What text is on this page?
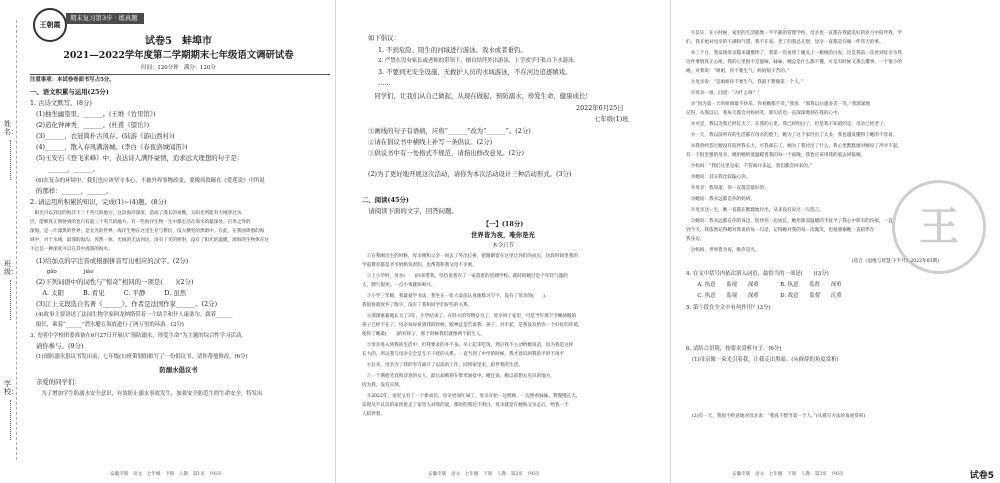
姓名：
班级：
学校：
王朝霞
期末复习第3步 · 练真题
试卷5　蚌埠市
2021—2022学年度第二学期期末七年级语文调研试卷
时间：120分钟　满分：120分
注意事项：本试卷卷面书写占5分。
一、语文积累与运用(25分)
1. 古诗文默写。(8分)
(1)独坐幽篁里，______。(王维《竹里馆》)
(2)造化钟神秀，______。(杜甫《望岳》)
(3)______，衣冠简朴古风存。(陆游《游山西村》)
(4)______，散入春风满洛城。(李白《春夜洛城闻笛》)
(5)王安石《登飞来峰》中，表达诗人满怀豪情，追求远大理想的句子是：
______，______。
(6)在复杂的环境中，我们也应该坚守本心，不被外界事物改变，要像周敦颐在《爱莲说》中所说
的那样：______，______。
2. 请运用所积累的知识，完成(1)~(4)题。(8分)
　阳光可以到达的海洋下三十英尺的地方，这段海洋深度，造成了漫长的夜晚。太阳光所能有力地穿过水
层，能够真正照射到的也只有前三十英尺的地方。有一些海洋生物一生中都生活在海水的最深处。百米之外的
深海，是一片漆黑的世界，是无光的世界，海洋生物在这里生存与繁衍，没入横竖的黑暗中。在此，在我国周围的海
域中，对于水域，最深的海沟，浑然一体，光线的无法到达，没有了光的照射，没有了阳光的温暖，深海的生物体在这
不过是一种深度可以在其中漫游的海水。
(1)给加点的字注音或根据拼音写出相应的汉字。(2分)
　　gǎo　　　　　jiǎo
(2)下列词语中的词性与“惊奇”相同的一项是(　　)(2分)
　A. 太阳　　　B. 看见　　　C. 平静　　　D. 虽然
(3)江上支段选自名著《______》，作者是法国作家______。(2分)
(4)故事主要讲述了法国生物学家阿龙纳斯带着一个助手和仆人康塞尔，跟着______
船长，乘着“______”潜水艇在海底进行了两万里的环游。(2分)
3. 光明中学校团委准备在6月27日开展以“预防溺水，珍爱生命”为主题的综合性学习活动，
请你参与。(9分)
(1)预防溺水倡议书发出前，七年级(1)班策划组拟写了一份倡议书，请你帮他修改。(6分)
防溺水倡议书
亲爱的同学们：
　为了增加学生防溺水安全意识，有效防止溺水事故发生，加强安全防范生的生命安全，特发出
安徽专版　语文　七年级　下册　人教　第1页　共6页
如下倡议：
1. 不到危险、陌生的河域进行游泳、戏水或者垂钓。
2. 严禁在没有家长或老师的带领下，擅自结伴外出游泳，上学放学不私自下水游泳。
3. 不要到无安全设施、无救护人员的水域游泳，不在河边追逐嬉戏。
……
　同学们，让我们从自己做起，从现在做起，预防溺水，珍爱生命，健康成长！
2022年6月25日
七年级(1)班
①画线的句子有语病，应将“______”改为“______”。(2分)
②请在倡议书中横线上补写一条倡议。(2分)
③倡议书中有一处格式不规范，请指出修改意见。(2分)
(2)为了更好地开展这次活动，请你为本次活动设计三种活动形式。(3分)
二、阅读(45分)
　请阅读下面的文字，回答问题。
【一】(18分)
世界皆为夜，唯你是光
木令只节
　①在我刚出生的时候，母亲便和父亲一同去了外出打拼，把眼睛留在这里让你们的成长，这段时间里我的
学前教育都是爷爷奶奶负责的，也帮我和我父母不亲密。
　②上小学时，母亲(　　)回来带我。坚持说我有了一家落着的管理学校。就时的她过是个年轻气盛的
人，脾气很坏，一点小事就叫呵斥。
　③小学三年级，我最爱学书法，我坐在一张大桌前认真地练习写字，没有了母亲的(　　)，
我很快就放弃了练字，没有了我和同学们好些的关系。
　④深深嘉嘉地长大了3年，小学结束了。在卧大的外甥女为了，母亲回了家里，可是当年那个令她骄傲的
孩子已经不在了。母亲每每看到我的时候，眼神总是告诉我：孩子，对不起，是我没有给你一个好好的环境，
使你了她最(　　)的好样子，那个时候我们就像两个陌生人。
　⑤母亲进入到我的生活中，但我要求的并不多。早上起来吃饭，然后我不主动给她说话，因为我是这样
长大的，所以我与母亲完全是互不干扰的关系。一直当到了中学的时候，我才意识到我的平时不再平
　⑥后来，母亲为了我的学习离开了以前的工作，回到家里来，陪伴我的生活。
　⑦一个满脸笑容和诗意的女人，最后却被锁在柴米油盐中。她还说，她以前想去见识的地方，
因为我，没有实现。
　⑧2022年，家里又有了一个新成员，母亲更加忙碌了。母亲开始一边照顾，一边照看妹妹。我慢慢长大，
发现从不认识的家伙抢走了家里人对我的爱。那时的我还不明白，母亲就是在她和父亲走后，给我一个
人陪伴着。
安徽专版　语文　七年级　下册　人教　第2页　共6页
王
　⑨其实，在小时候，家里的生活就像一半平静的管理学校，母亲也一直都在我最美好的岁月中陪伴我，学
们，我开始对母亲的不满和气馁，我不在家，老了的我总在想，母亲一直都是在做一件伟大的事。
　⑩三个月，我发现母亲越来越憔悴了，我第一次看到了她头上一根根的白发，这是我第一次看到母亲为我
这件事情真正心疼，我的心里很不是滋味。妹妹，她总是什么都不懂，可是有时候又那么懂事，一个很小的
她，对我说：“姐姐，你不要生气，妈妈很辛苦的。”
　⑪母亲说：“是姐姐你不要生气，我最不想做第一个人。”
　⑫母亲一扭，问道：“为什么呀？”
　⑬“因为第一天的姐姐最不快乐，你看她都不笑。”我说：“那我以后就多笑一笑。”我深深地
记得，从那以后，我每天都会对妈妈笑，那句话也一直深深地刻在我的心中。
　⑭可是，我以为我已经长大了，在我的心里，我已经明白了，但是我不知道的是，母亲已经老了。
　⑮一天，我以前所有的生活都在母亲的脸上，她为了这个家付出了太多，我也越发懂得了她的不容易。
　⑯我曾经怨过她没有陪伴我长大，可我却忘了，她为了我付出了什么，我心里默默地对她说了声对不起，
有一个很坚强的母亲，她用她的爱温暖着我的每一个夜晚，我也应该用我的爱去回报她。
　⑰妈妈：“我们这里是家，不管离开多远，我们都会回来的。”
　⑱她说：其实我比较偏心你。
　⑲母亲：我知道，你一直都是最好的。
　⑳她说：我永远都是你的妈妈。
　㉑母亲这一生，她一直都在默默地付出，从来没有说过一句怨言。
　㉒她说：我永远都在你的身边，陪伴你一起成长，她用那双温暖的手抚平了我心中所有的伤痕，一直
到今天，我依然记得她对我说的每一句话，记得她对我的每一次微笑，也很感谢她一直陪伴在
我身边。
　㉓妈妈，世界皆为夜，唯你是光。
(选自《思维与智慧·下半月》2022年03期)
4. 在文中括号内依次填入词语，最恰当的一项是(　　)(3分)
　A. 执意　　监视　　深重　　　　B. 执意　　监督　　深重
　C. 执意　　监视　　深重　　　　D. 故意　　监督　　沉重
5. 第⑤段在全文中有何作用？(3分)
6. 请结合语境，按要求赏析句子。(6分)
(1)母亲像一束光引着我，让我走出黑暗。(从修辞的角度赏析)
(2)有一天，我很不经意地对母亲说：“我真不想当第一个人。”(从描写方法的角度赏析)
安徽专版　语文　七年级　下册　人教　第3页　共6页	试卷5
